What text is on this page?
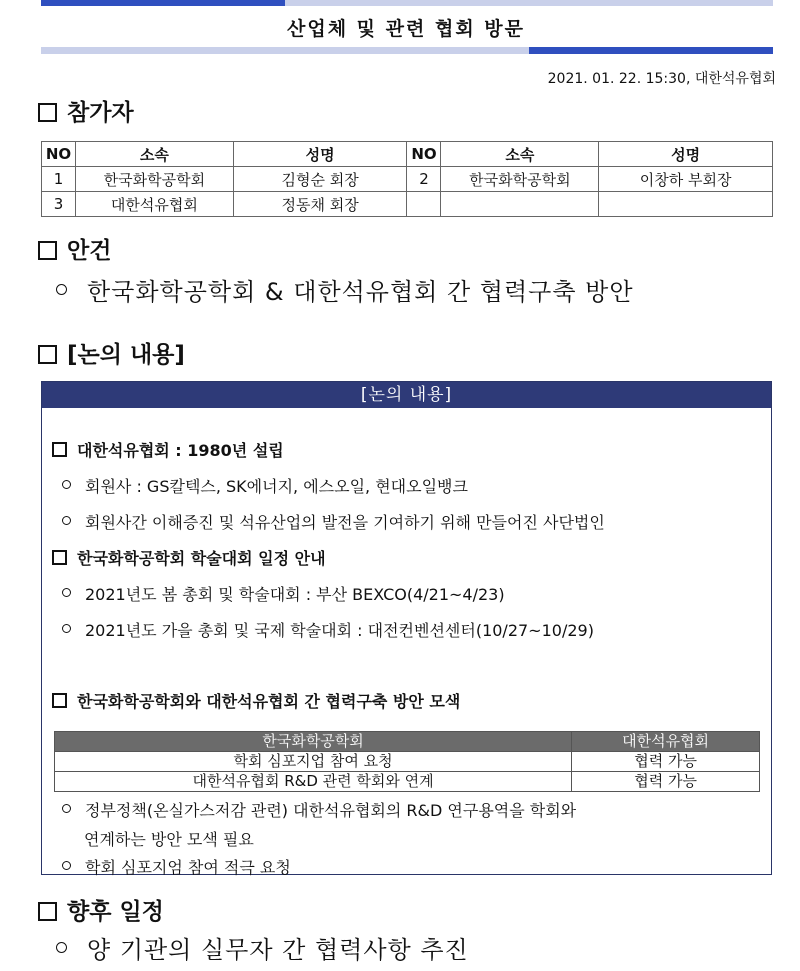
산업체 및 관련 협회 방문
2021. 01. 22. 15:30, 대한석유협회
참가자
NO	소속	성명	NO	소속	성명
1	한국화학공학회	김형순 회장	2	한국화학공학회	이창하 부회장
3	대한석유협회	정동채 회장			
안건
한국화학공학회 & 대한석유협회 간 협력구축 방안
[논의 내용]
[논의 내용]
대한석유협회 : 1980년 설립
회원사 : GS칼텍스, SK에너지, 에스오일, 현대오일뱅크
회원사간 이해증진 및 석유산업의 발전을 기여하기 위해 만들어진 사단법인
한국화학공학회 학술대회 일정 안내
2021년도 봄 총회 및 학술대회 : 부산 BEXCO(4/21~4/23)
2021년도 가을 총회 및 국제 학술대회 : 대전컨벤션센터(10/27~10/29)
한국화학공학회와 대한석유협회 간 협력구축 방안 모색
한국화학공학회	대한석유협회
학회 심포지업 참여 요청	협력 가능
대한석유협회 R&D 관련 학회와 연계	협력 가능
정부정책(온실가스저감 관련) 대한석유협회의 R&D 연구용역을 학회와
연계하는 방안 모색 필요
학회 심포지엄 참여 적극 요청
향후 일정
양 기관의 실무자 간 협력사항 추진
